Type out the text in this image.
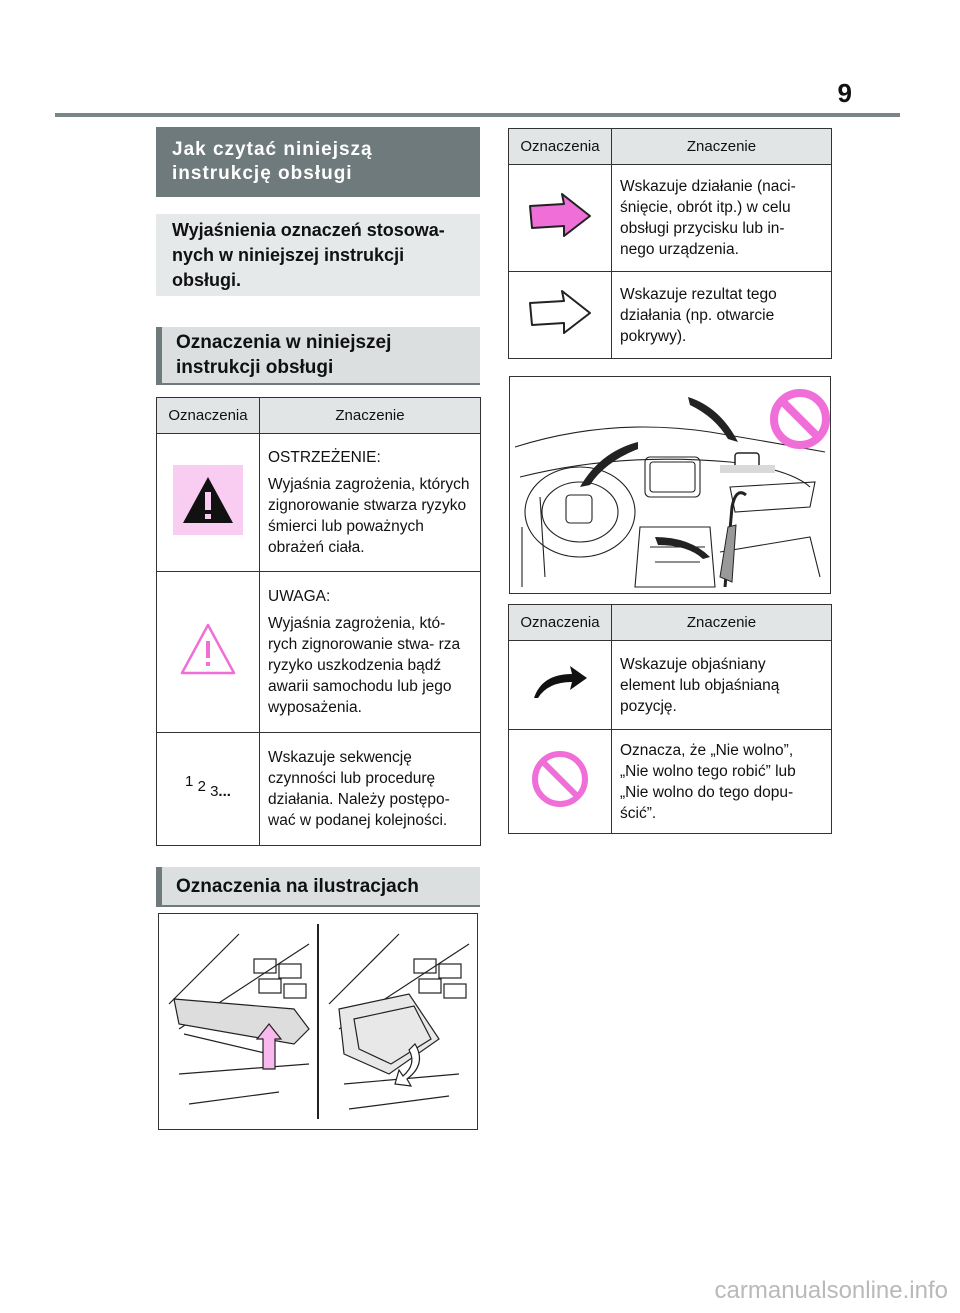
9
Jak czytać niniejszą instrukcję obsługi
Wyjaśnienia oznaczeń stosowa- nych w niniejszej instrukcji obsługi.
Oznaczenia w niniejszej instrukcji obsługi
Oznaczenia	Znaczenie

OSTRZEŻENIE:

Wyjaśnia zagrożenia, których zignorowanie stwarza ryzyko śmierci lub poważnych obrażeń ciała.

UWAGA:

Wyjaśnia zagrożenia, któ- rych zignorowanie stwa- rza ryzyko uszkodzenia bądź awarii samochodu lub jego wyposażenia.

1 2 3...	Wskazuje sekwencję czynności lub procedurę działania. Należy postępo- wać w podanej kolejności.

Oznaczenia na ilustracjach
Oznaczenia	Znaczenie

Wskazuje działanie (naci- śnięcie, obrót itp.) w celu obsługi przycisku lub in- nego urządzenia.

Wskazuje rezultat tego działania (np. otwarcie pokrywy).

Oznaczenia	Znaczenie

Wskazuje objaśniany element lub objaśnianą pozycję.

Oznacza, że „Nie wolno”, „Nie wolno tego robić” lub „Nie wolno do tego dopu- ścić”.

carmanualsonline.info
